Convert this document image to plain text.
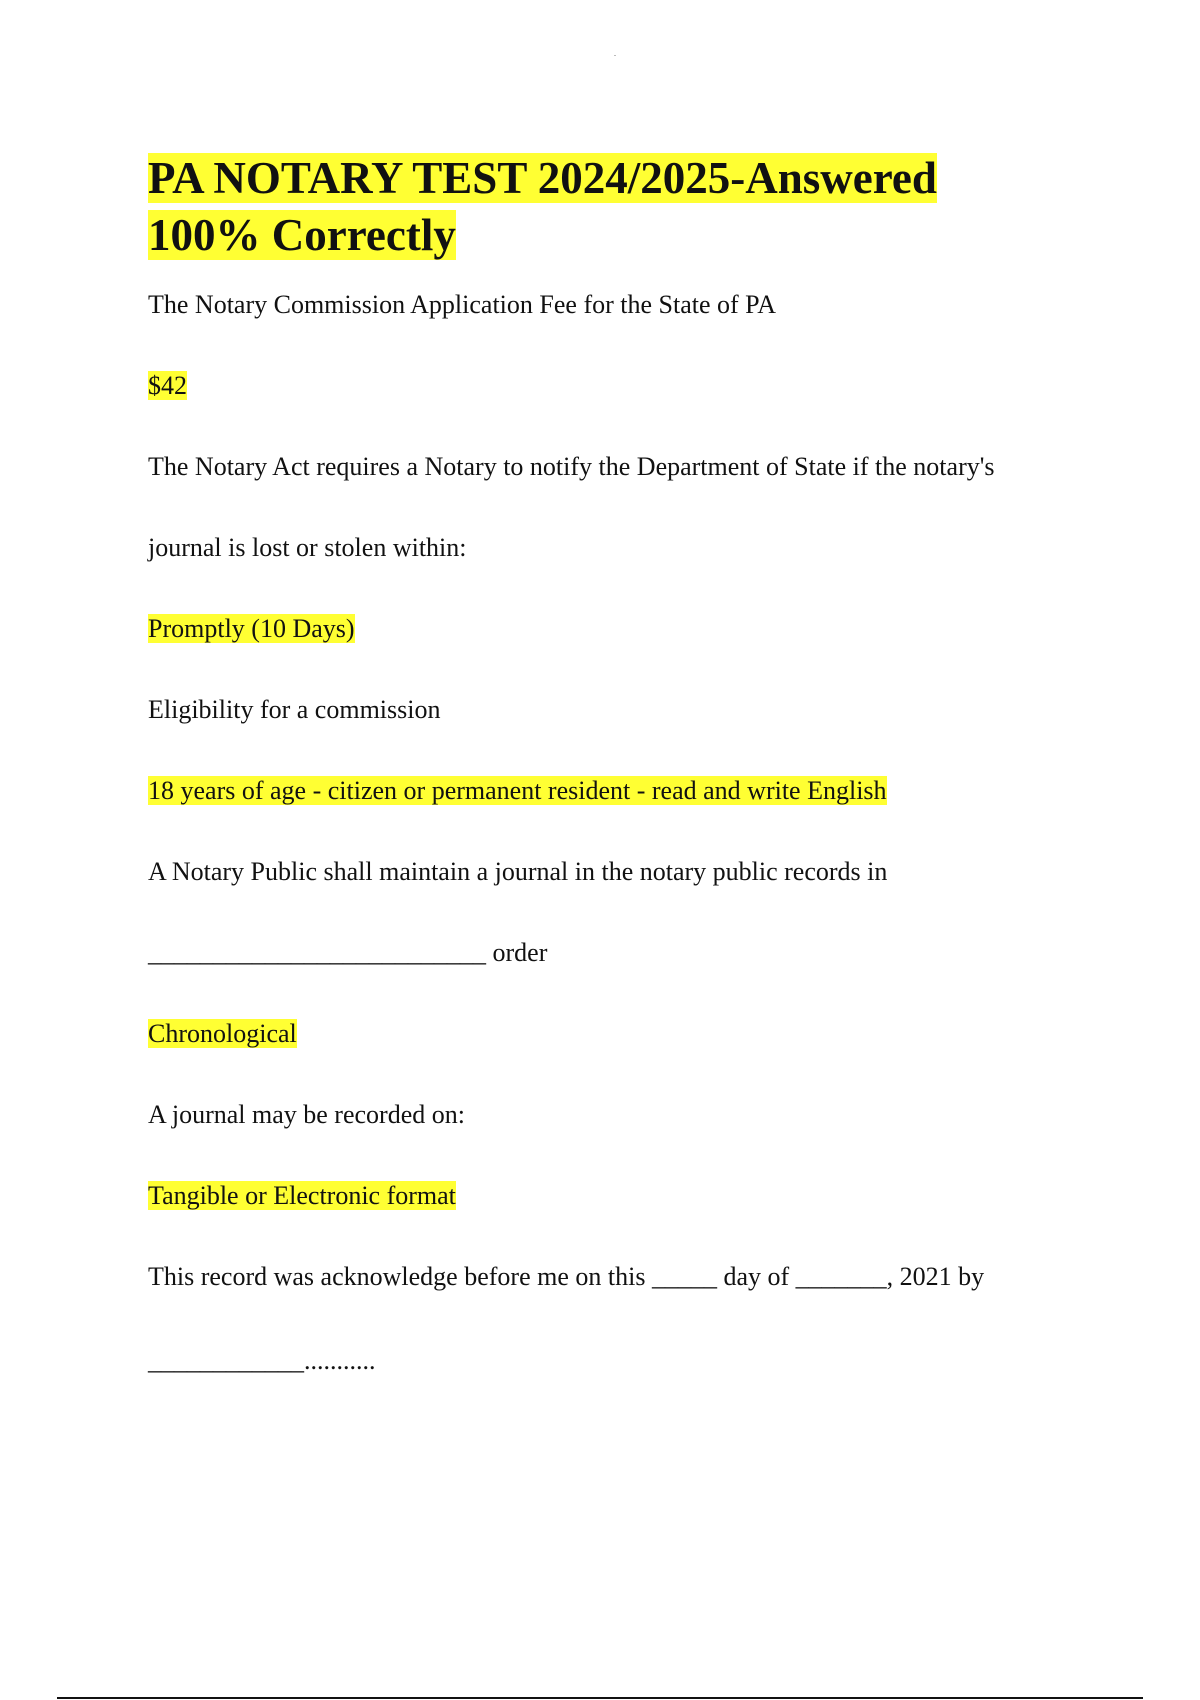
PA NOTARY TEST 2024/2025-Answered
100% Correctly
The Notary Commission Application Fee for the State of PA
$42
The Notary Act requires a Notary to notify the Department of State if the notary's
journal is lost or stolen within:
Promptly (10 Days)
Eligibility for a commission
18 years of age - citizen or permanent resident - read and write English
A Notary Public shall maintain a journal in the notary public records in
__________________________ order
Chronological
A journal may be recorded on:
Tangible or Electronic format
This record was acknowledge before me on this _____ day of _______, 2021 by
____________...........
